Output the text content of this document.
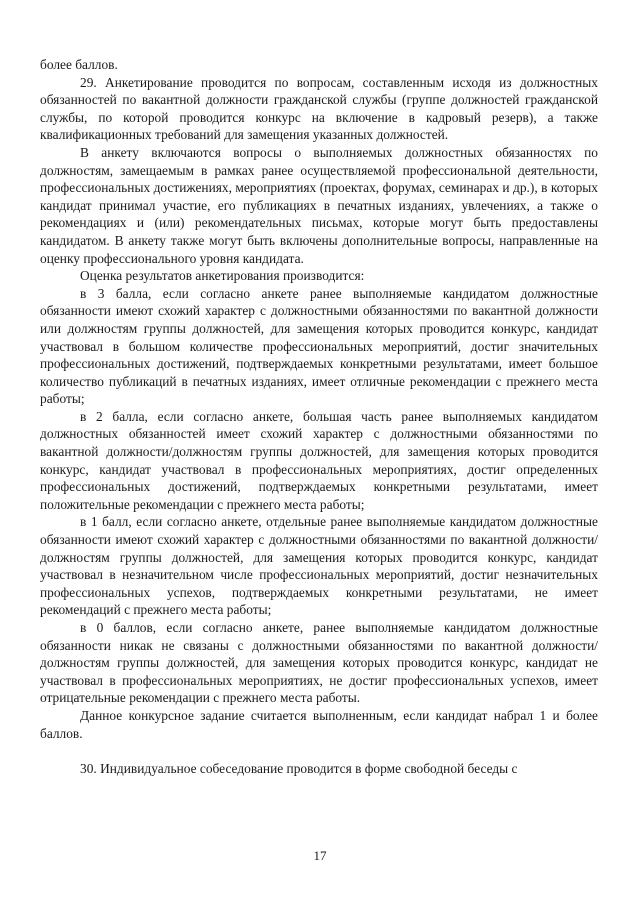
более баллов.

29. Анкетирование проводится по вопросам, составленным исходя из должностных обязанностей по вакантной должности гражданской службы (группе должностей гражданской службы, по которой проводится конкурс на включение в кадровый резерв), а также квалификационных требований для замещения указанных должностей.

В анкету включаются вопросы о выполняемых должностных обязанностях по должностям, замещаемым в рамках ранее осуществляемой профессиональной деятельности, профессиональных достижениях, мероприятиях (проектах, форумах, семинарах и др.), в которых кандидат принимал участие, его публикациях в печатных изданиях, увлечениях, а также о рекомендациях и (или) рекомендательных письмах, которые могут быть предоставлены кандидатом. В анкету также могут быть включены дополнительные вопросы, направленные на оценку профессионального уровня кандидата.

Оценка результатов анкетирования производится:

в 3 балла, если согласно анкете ранее выполняемые кандидатом должностные обязанности имеют схожий характер с должностными обязанностями по вакантной должности или должностям группы должностей, для замещения которых проводится конкурс, кандидат участвовал в большом количестве профессиональных мероприятий, достиг значительных профессиональных достижений, подтверждаемых конкретными результатами, имеет большое количество публикаций в печатных изданиях, имеет отличные рекомендации с прежнего места работы;

в 2 балла, если согласно анкете, большая часть ранее выполняемых кандидатом должностных обязанностей имеет схожий характер с должностными обязанностями по вакантной должности/должностям группы должностей, для замещения которых проводится конкурс, кандидат участвовал в профессиональных мероприятиях, достиг определенных профессиональных достижений, подтверждаемых конкретными результатами, имеет положительные рекомендации с прежнего места работы;

в 1 балл, если согласно анкете, отдельные ранее выполняемые кандидатом должностные обязанности имеют схожий характер с должностными обязанностями по вакантной должности/должностям группы должностей, для замещения которых проводится конкурс, кандидат участвовал в незначительном числе профессиональных мероприятий, достиг незначительных профессиональных успехов, подтверждаемых конкретными результатами, не имеет рекомендаций с прежнего места работы;

в 0 баллов, если согласно анкете, ранее выполняемые кандидатом должностные обязанности никак не связаны с должностными обязанностями по вакантной должности/должностям группы должностей, для замещения которых проводится конкурс, кандидат не участвовал в профессиональных мероприятиях, не достиг профессиональных успехов, имеет отрицательные рекомендации с прежнего места работы.

Данное конкурсное задание считается выполненным, если кандидат набрал 1 и более баллов.

30. Индивидуальное собеседование проводится в форме свободной беседы с

17
